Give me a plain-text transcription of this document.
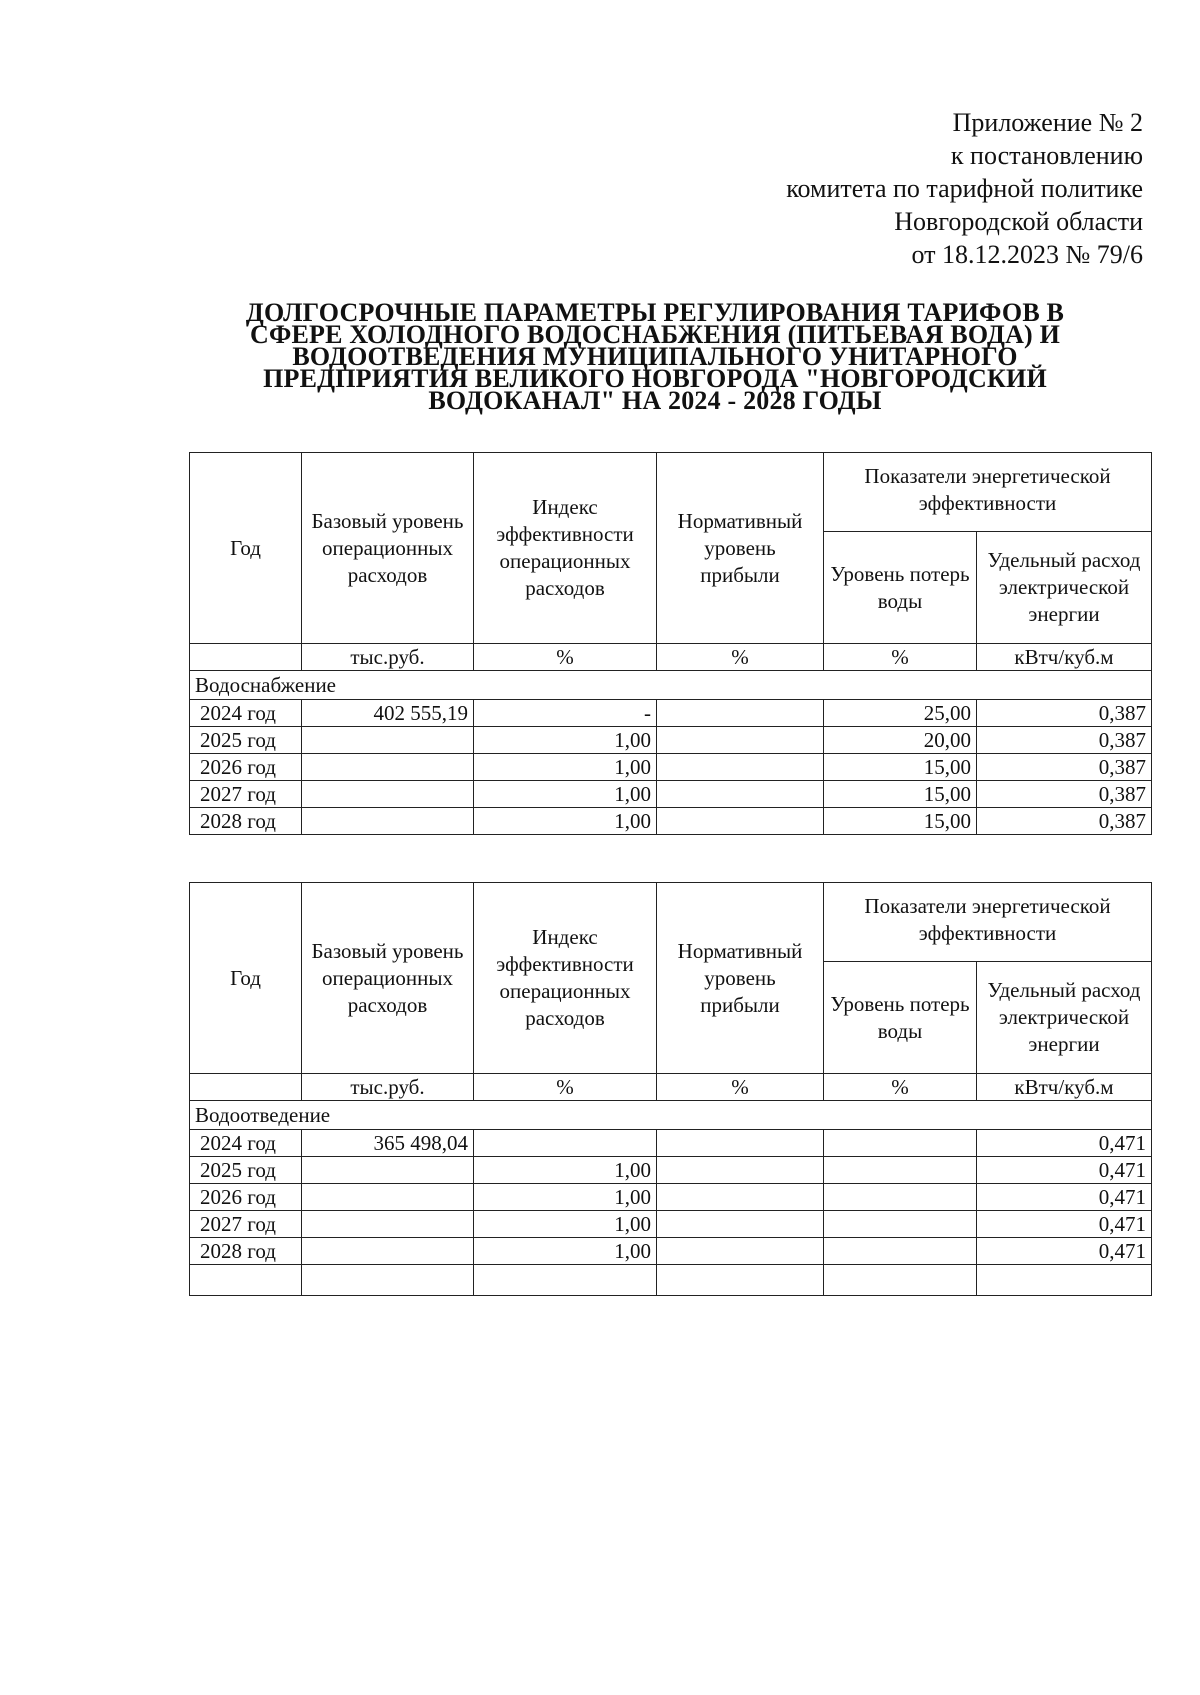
Приложение № 2
к постановлению
комитета по тарифной политике
Новгородской области
от 18.12.2023 № 79/6
ДОЛГОСРОЧНЫЕ ПАРАМЕТРЫ РЕГУЛИРОВАНИЯ ТАРИФОВ В
СФЕРЕ ХОЛОДНОГО ВОДОСНАБЖЕНИЯ (ПИТЬЕВАЯ ВОДА) И
ВОДООТВЕДЕНИЯ МУНИЦИПАЛЬНОГО УНИТАРНОГО
ПРЕДПРИЯТИЯ ВЕЛИКОГО НОВГОРОДА "НОВГОРОДСКИЙ
ВОДОКАНАЛ" НА 2024 - 2028 ГОДЫ
Год	Базовый уровень операционных расходов	Индекс эффективности операционных расходов	Нормативный уровень прибыли	Показатели энергетической эффективности	
				Уровень потерь воды	Удельный расход электрической энергии
	тыс.руб.	%	%	%	кВтч/куб.м
Водоснабжение					
2024 год	402 555,19	-		25,00	0,387
2025 год		1,00		20,00	0,387
2026 год		1,00		15,00	0,387
2027 год		1,00		15,00	0,387
2028 год		1,00		15,00	0,387
Год	Базовый уровень операционных расходов	Индекс эффективности операционных расходов	Нормативный уровень прибыли	Показатели энергетической эффективности	
				Уровень потерь воды	Удельный расход электрической энергии
	тыс.руб.	%	%	%	кВтч/куб.м
Водоотведение					
2024 год	365 498,04				0,471
2025 год		1,00			0,471
2026 год		1,00			0,471
2027 год		1,00			0,471
2028 год		1,00			0,471
